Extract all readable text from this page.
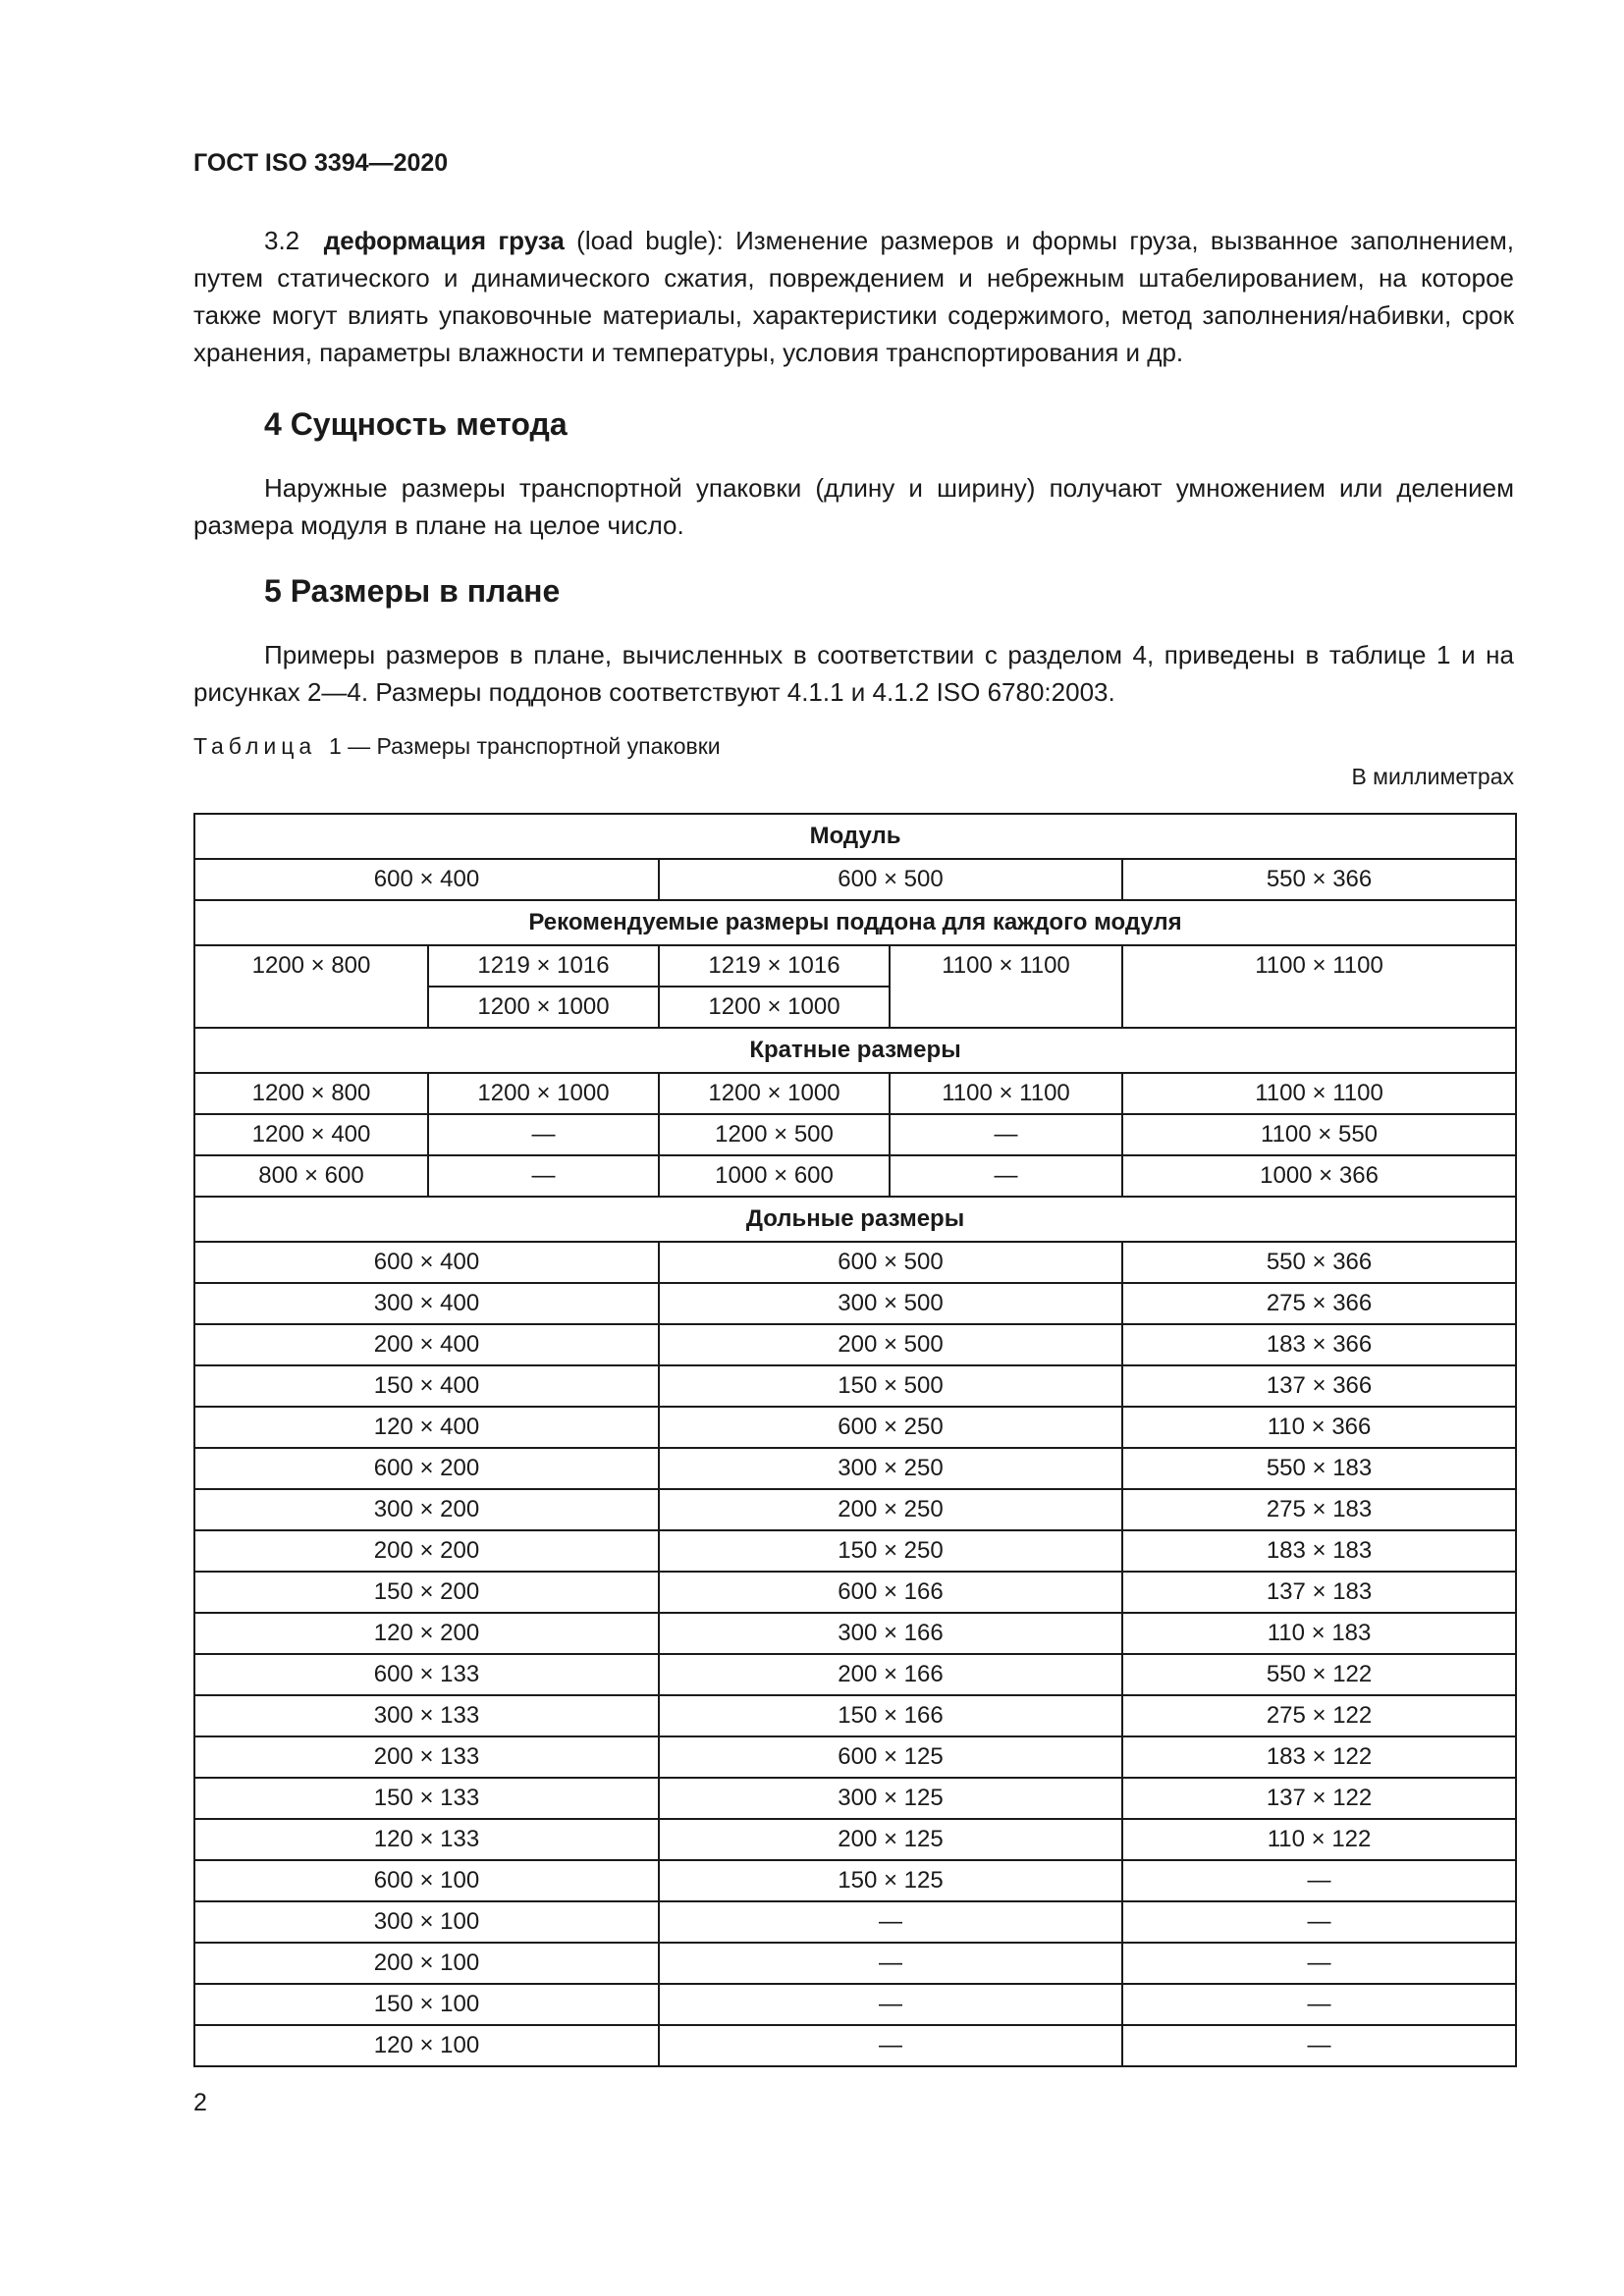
ГОСТ ISO 3394—2020

3.2 деформация груза (load bugle): Изменение размеров и формы груза, вызванное заполнением, путем статического и динамического сжатия, повреждением и небрежным штабелированием, на которое также могут влиять упаковочные материалы, характеристики содержимого, метод заполнения/набивки, срок хранения, параметры влажности и температуры, условия транспортирования и др.

4 Сущность метода

Наружные размеры транспортной упаковки (длину и ширину) получают умножением или делением размера модуля в плане на целое число.

5 Размеры в плане

Примеры размеров в плане, вычисленных в соответствии с разделом 4, приведены в таблице 1 и на рисунках 2—4. Размеры поддонов соответствуют 4.1.1 и 4.1.2 ISO 6780:2003.

Таблица 1 — Размеры транспортной упаковки
В миллиметрах
Модуль				
600 × 400		600 × 500		550 × 366
Рекомендуемые размеры поддона для каждого модуля				
1200 × 800	1219 × 1016	1219 × 1016	1100 × 1100	1100 × 1100
	1200 × 1000	1200 × 1000		
Кратные размеры				
1200 × 800	1200 × 1000	1200 × 1000	1100 × 1100	1100 × 1100
1200 × 400	—	1200 × 500	—	1100 × 550
800 × 600	—	1000 × 600	—	1000 × 366
Дольные размеры				
600 × 400		600 × 500		550 × 366
300 × 400		300 × 500		275 × 366
200 × 400		200 × 500		183 × 366
150 × 400		150 × 500		137 × 366
120 × 400		600 × 250		110 × 366
600 × 200		300 × 250		550 × 183
300 × 200		200 × 250		275 × 183
200 × 200		150 × 250		183 × 183
150 × 200		600 × 166		137 × 183
120 × 200		300 × 166		110 × 183
600 × 133		200 × 166		550 × 122
300 × 133		150 × 166		275 × 122
200 × 133		600 × 125		183 × 122
150 × 133		300 × 125		137 × 122
120 × 133		200 × 125		110 × 122
600 × 100		150 × 125		—
300 × 100		—		—
200 × 100		—		—
150 × 100		—		—
120 × 100		—		—
2
